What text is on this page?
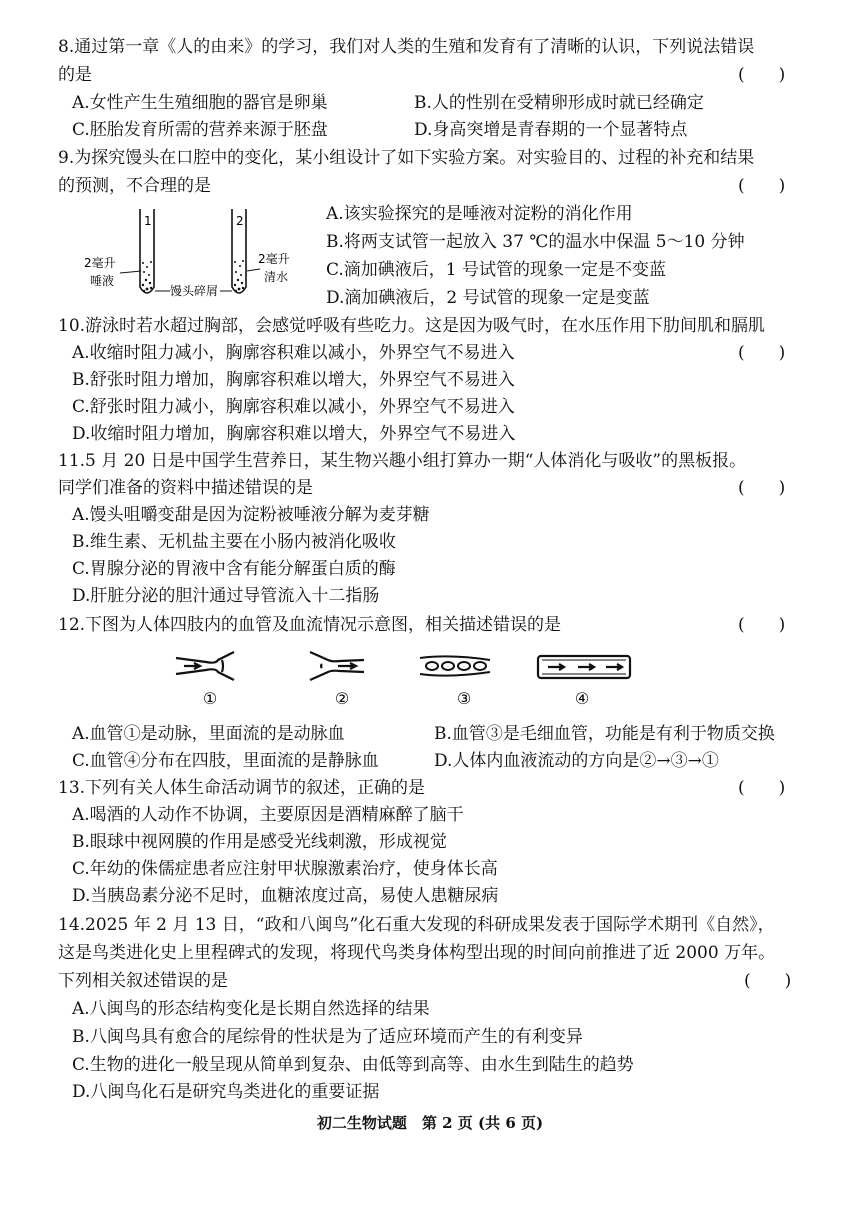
8.通过第一章《人的由来》的学习，我们对人类的生殖和发育有了清晰的认识，下列说法错误
的是	(　　)
A.女性产生生殖细胞的器官是卵巢	B.人的性别在受精卵形成时就已经确定
C.胚胎发育所需的营养来源于胚盘	D.身高突增是青春期的一个显著特点
9.为探究馒头在口腔中的变化，某小组设计了如下实验方案。对实验目的、过程的补充和结果
的预测，不合理的是	(　　)
1	2
2毫升
唾液
2毫升
清水
馒头碎屑
A.该实验探究的是唾液对淀粉的消化作用
B.将两支试管一起放入 37 ℃的温水中保温 5～10 分钟
C.滴加碘液后，1 号试管的现象一定是不变蓝
D.滴加碘液后，2 号试管的现象一定是变蓝
10.游泳时若水超过胸部，会感觉呼吸有些吃力。这是因为吸气时，在水压作用下肋间肌和膈肌
A.收缩时阻力减小，胸廓容积难以减小，外界空气不易进入	(　　)
B.舒张时阻力增加，胸廓容积难以增大，外界空气不易进入
C.舒张时阻力减小，胸廓容积难以减小，外界空气不易进入
D.收缩时阻力增加，胸廓容积难以增大，外界空气不易进入
11.5 月 20 日是中国学生营养日，某生物兴趣小组打算办一期“人体消化与吸收”的黑板报。
同学们准备的资料中描述错误的是	(　　)
A.馒头咀嚼变甜是因为淀粉被唾液分解为麦芽糖
B.维生素、无机盐主要在小肠内被消化吸收
C.胃腺分泌的胃液中含有能分解蛋白质的酶
D.肝脏分泌的胆汁通过导管流入十二指肠
12.下图为人体四肢内的血管及血流情况示意图，相关描述错误的是	(　　)
①	②	③	④
A.血管①是动脉，里面流的是动脉血	B.血管③是毛细血管，功能是有利于物质交换
C.血管④分布在四肢，里面流的是静脉血	D.人体内血液流动的方向是②→③→①
13.下列有关人体生命活动调节的叙述，正确的是	(　　)
A.喝酒的人动作不协调，主要原因是酒精麻醉了脑干
B.眼球中视网膜的作用是感受光线刺激，形成视觉
C.年幼的侏儒症患者应注射甲状腺激素治疗，使身体长高
D.当胰岛素分泌不足时，血糖浓度过高，易使人患糖尿病
14.2025 年 2 月 13 日，“政和八闽鸟”化石重大发现的科研成果发表于国际学术期刊《自然》，
这是鸟类进化史上里程碑式的发现，将现代鸟类身体构型出现的时间向前推进了近 2000 万年。
下列相关叙述错误的是	(　　)
A.八闽鸟的形态结构变化是长期自然选择的结果
B.八闽鸟具有愈合的尾综骨的性状是为了适应环境而产生的有利变异
C.生物的进化一般呈现从简单到复杂、由低等到高等、由水生到陆生的趋势
D.八闽鸟化石是研究鸟类进化的重要证据
初二生物试题　第 2 页 (共 6 页)
